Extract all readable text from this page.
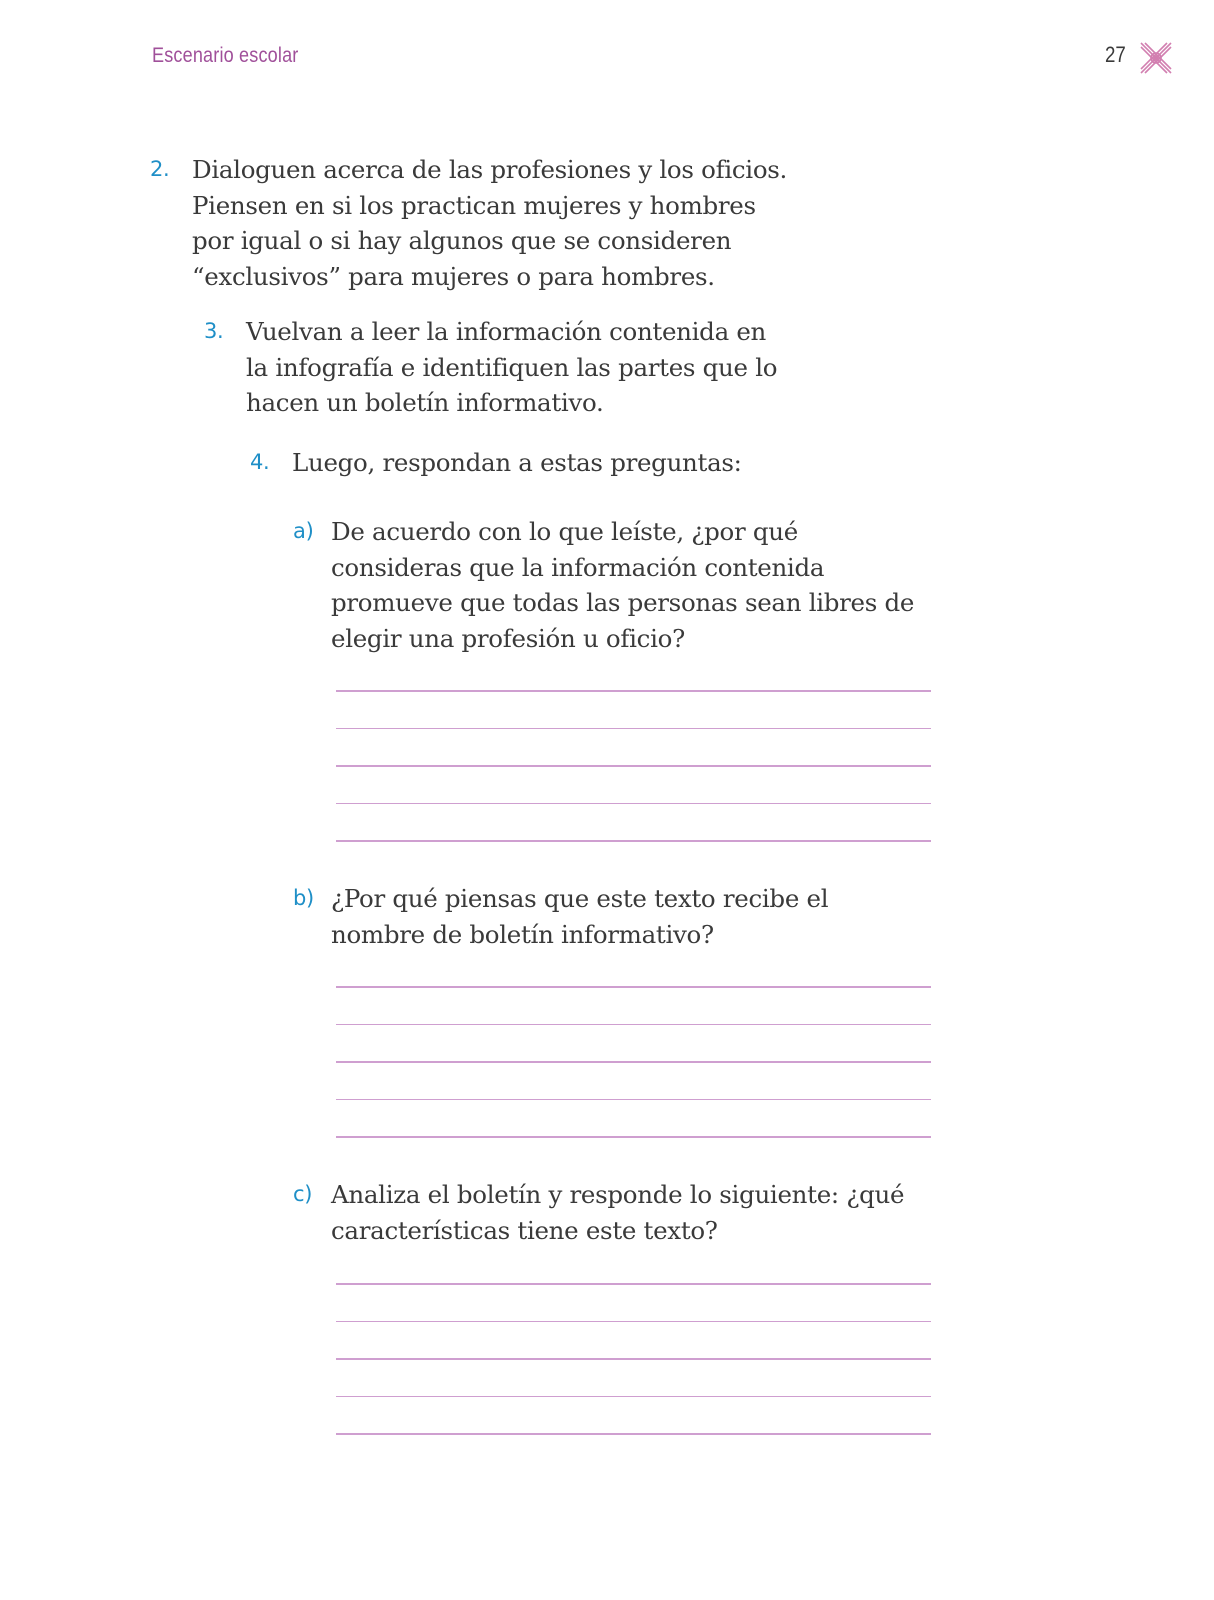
Escenario escolar	27
2. Dialoguen acerca de las profesiones y los oficios.
Piensen en si los practican mujeres y hombres
por igual o si hay algunos que se consideren
“exclusivos” para mujeres o para hombres.
3. Vuelvan a leer la información contenida en
la infografía e identifiquen las partes que lo
hacen un boletín informativo.
4. Luego, respondan a estas preguntas:
a) De acuerdo con lo que leíste, ¿por qué
consideras que la información contenida
promueve que todas las personas sean libres de
elegir una profesión u oficio?
b) ¿Por qué piensas que este texto recibe el
nombre de boletín informativo?
c) Analiza el boletín y responde lo siguiente: ¿qué
características tiene este texto?
